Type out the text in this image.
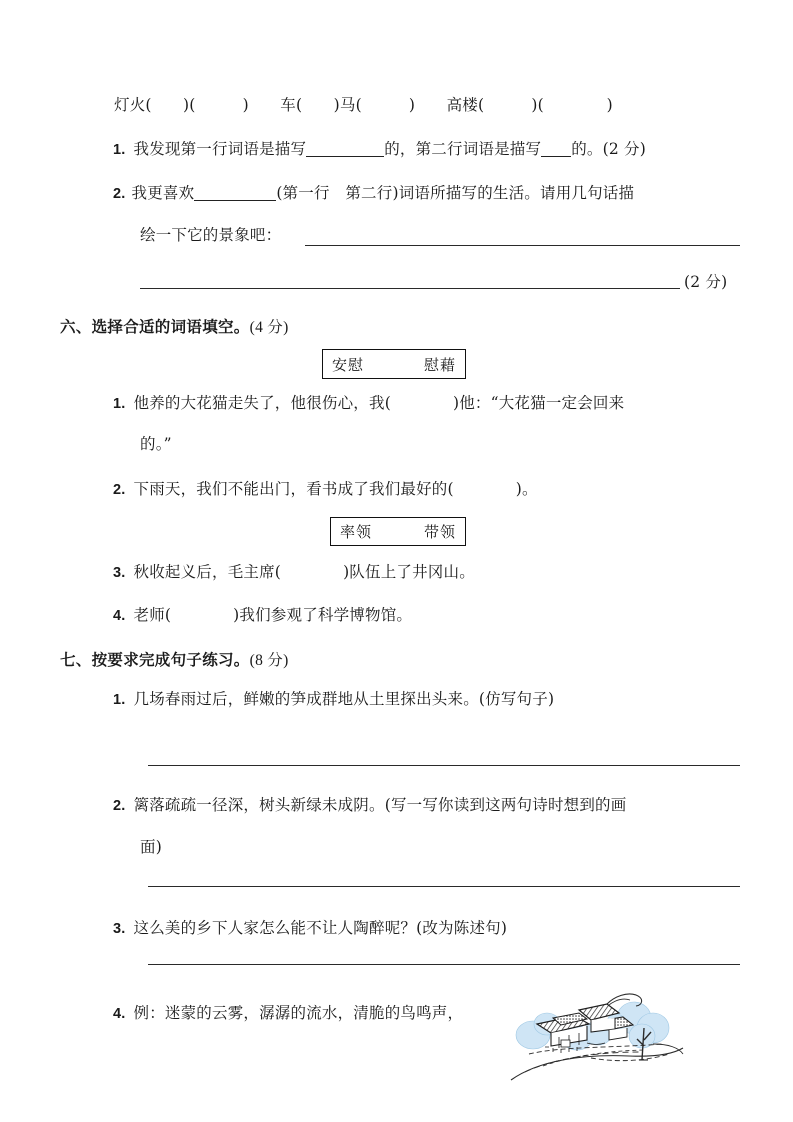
灯火(　　)(　　　)　　车(　　)马(　　　)　　高楼(　　　)(　　　　)
1. 我发现第一行词语是描写	的，第二行词语是描写 的。(2 分)
2. 我更喜欢	(第一行　第二行)词语所描写的生活。请用几句话描
绘一下它的景象吧：
(2 分)
六、选择合适的词语填空。(4 分)
安慰	慰藉
1. 他养的大花猫走失了，他很伤心，我(	)他：“大花猫一定会回来
的。”
2. 下雨天，我们不能出门，看书成了我们最好的(	)。
率领	带领
3. 秋收起义后，毛主席(	)队伍上了井冈山。
4. 老师(	)我们参观了科学博物馆。
七、按要求完成句子练习。(8 分)
1. 几场春雨过后，鲜嫩的笋成群地从土里探出头来。(仿写句子)
2. 篱落疏疏一径深，树头新绿未成阴。(写一写你读到这两句诗时想到的画
面)
3. 这么美的乡下人家怎么能不让人陶醉呢？(改为陈述句)
4. 例：迷蒙的云雾，潺潺的流水，清脆的鸟鸣声，
